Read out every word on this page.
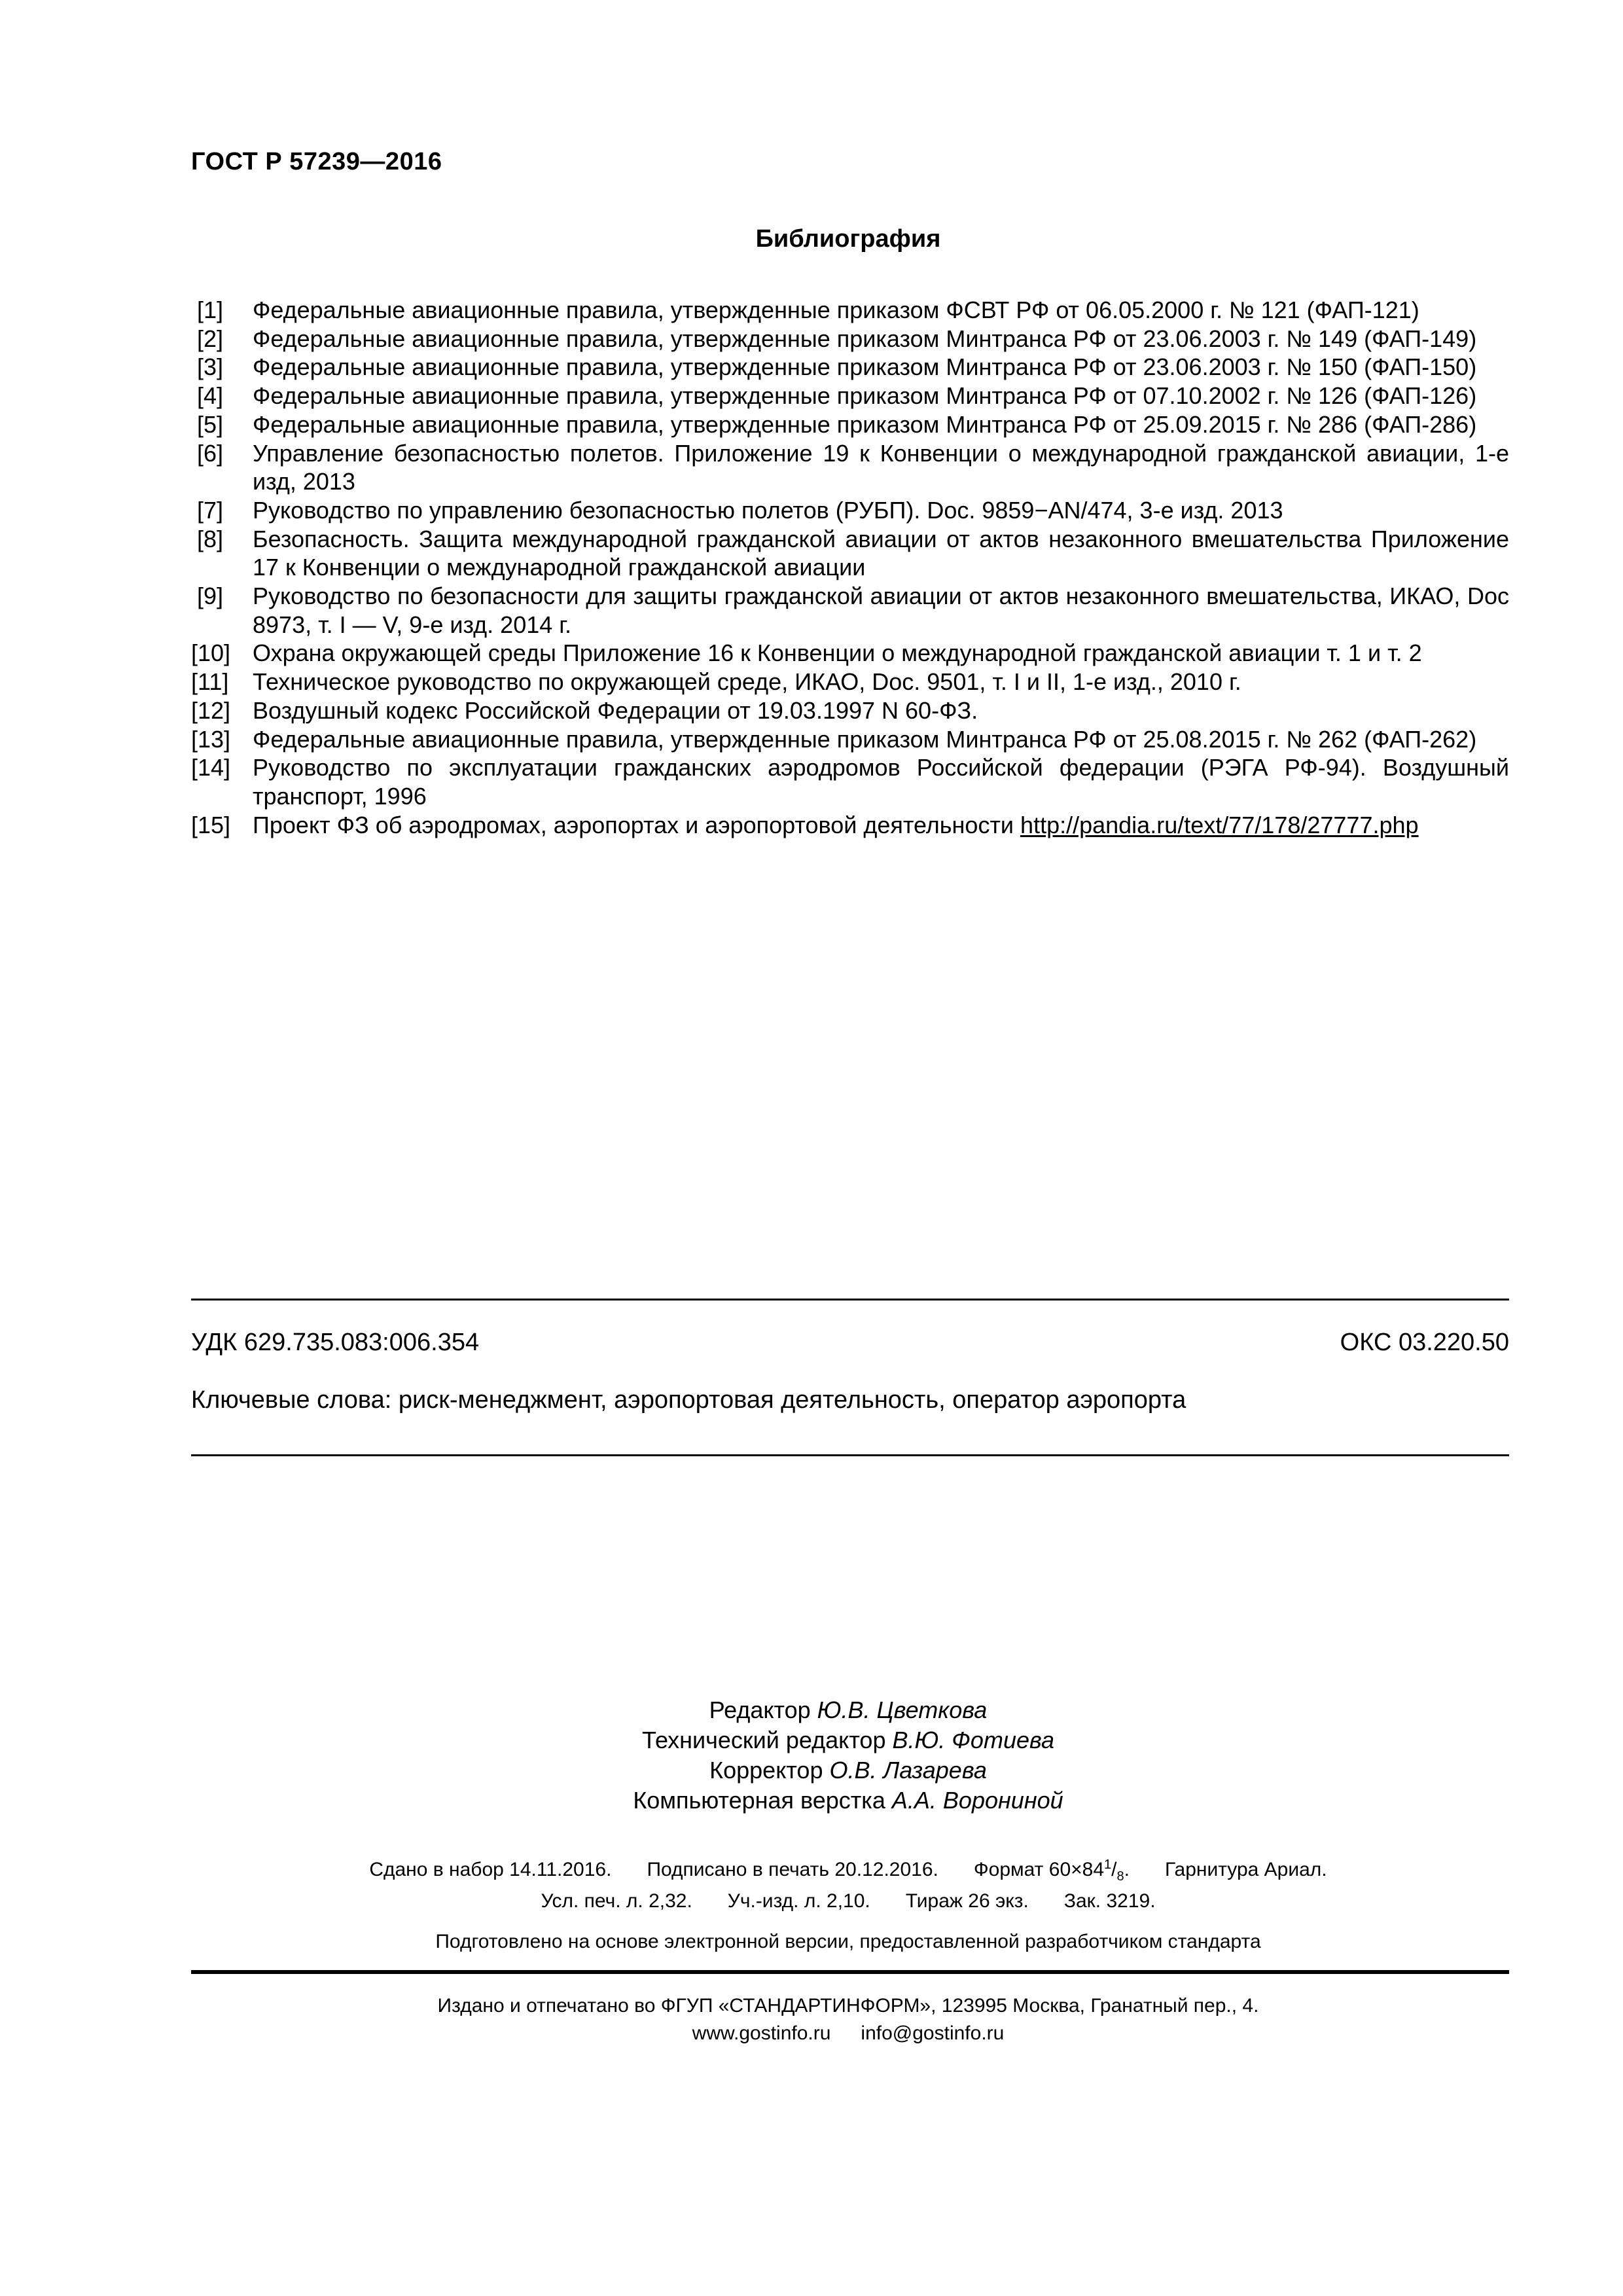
ГОСТ Р 57239—2016
Библиография
[1]	Федеральные авиационные правила, утвержденные приказом ФСВТ РФ от 06.05.2000 г. № 121 (ФАП-121)
[2]	Федеральные авиационные правила, утвержденные приказом Минтранса РФ от 23.06.2003 г. № 149 (ФАП-149)
[3]	Федеральные авиационные правила, утвержденные приказом Минтранса РФ от 23.06.2003 г. № 150 (ФАП-150)
[4]	Федеральные авиационные правила, утвержденные приказом Минтранса РФ от 07.10.2002 г. № 126 (ФАП-126)
[5]	Федеральные авиационные правила, утвержденные приказом Минтранса РФ от 25.09.2015 г. № 286 (ФАП-286)
[6]	Управление безопасностью полетов. Приложение 19 к Конвенции о международной гражданской авиации, 1-е изд, 2013
[7]	Руководство по управлению безопасностью полетов (РУБП). Doc. 9859−AN/474, 3-е изд. 2013
[8]	Безопасность. Защита международной гражданской авиации от актов незаконного вмешательства Приложение 17 к Конвенции о международной гражданской авиации
[9]	Руководство по безопасности для защиты гражданской авиации от актов незаконного вмешательства, ИКАО, Doc 8973, т. I — V, 9-е изд. 2014 г.
[10] Охрана окружающей среды Приложение 16 к Конвенции о международной гражданской авиации т. 1 и т. 2
[11]	Техническое руководство по окружающей среде, ИКАО, Doc. 9501, т. I и II, 1-е изд., 2010 г.
[12] Воздушный кодекс Российской Федерации от 19.03.1997 N 60-ФЗ.
[13] Федеральные авиационные правила, утвержденные приказом Минтранса РФ от 25.08.2015 г. № 262 (ФАП-262)
[14] Руководство по эксплуатации гражданских аэродромов Российской федерации (РЭГА РФ-94). Воздушный транспорт, 1996
[15] Проект ФЗ об аэродромах, аэропортах и аэропортовой деятельности http://pandia.ru/text/77/178/27777.php
УДК 629.735.083:006.354	ОКС 03.220.50
Ключевые слова: риск-менеджмент, аэропортовая деятельность, оператор аэропорта
Редактор Ю.В. Цветкова
Технический редактор В.Ю. Фотиева
Корректор О.В. Лазарева
Компьютерная верстка А.А. Ворониной
Сдано в набор 14.11.2016. Подписано в печать 20.12.2016. Формат $60\times 84^1/_8$. Гарнитура Ариал.
Усл. печ. л. 2,32. Уч.-изд. л. 2,10. Тираж 26 экз. Зак. 3219.
Подготовлено на основе электронной версии, предоставленной разработчиком стандарта
Издано и отпечатано во ФГУП «СТАНДАРТИНФОРМ», 123995 Москва, Гранатный пер., 4.
www.gostinfo.ru info@gostinfo.ru
